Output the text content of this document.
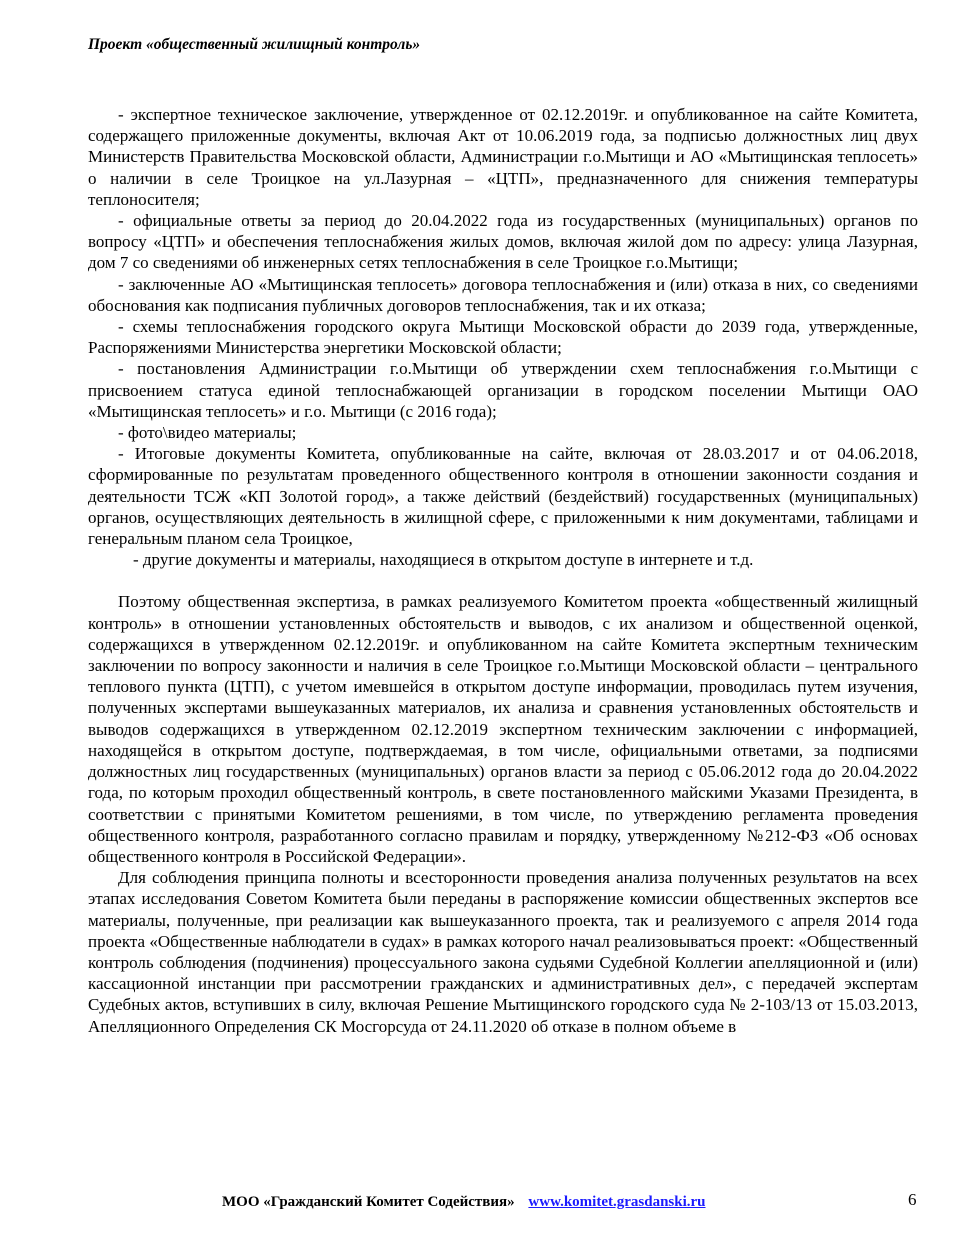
Проект «общественный жилищный контроль»

- экспертное техническое заключение, утвержденное от 02.12.2019г. и опубликованное на сайте Комитета, содержащего приложенные документы, включая Акт от 10.06.2019 года, за подписью должностных лиц двух Министерств Правительства Московской области, Администрации г.о.Мытищи и АО «Мытищинская теплосеть» о наличии в селе Троицкое на ул.Лазурная – «ЦТП», предназначенного для снижения температуры теплоносителя;

- официальные ответы за период до 20.04.2022 года из государственных (муниципальных) органов по вопросу «ЦТП» и обеспечения теплоснабжения жилых домов, включая жилой дом по адресу: улица Лазурная, дом 7 со сведениями об инженерных сетях теплоснабжения в селе Троицкое г.о.Мытищи;

- заключенные АО «Мытищинская теплосеть» договора теплоснабжения и (или) отказа в них, со сведениями обоснования как подписания публичных договоров теплоснабжения, так и их отказа;

- схемы теплоснабжения городского округа Мытищи Московской обрасти до 2039 года, утвержденные, Распоряжениями Министерства энергетики Московской области;

- постановления Администрации г.о.Мытищи об утверждении схем теплоснабжения г.о.Мытищи с присвоением статуса единой теплоснабжающей организации в городском поселении Мытищи ОАО «Мытищинская теплосеть» и г.о. Мытищи (с 2016 года);

- фото\видео материалы;

- Итоговые документы Комитета, опубликованные на сайте, включая от 28.03.2017 и от 04.06.2018, сформированные по результатам проведенного общественного контроля в отношении законности создания и деятельности ТСЖ «КП Золотой город», а также действий (бездействий) государственных (муниципальных) органов, осуществляющих деятельность в жилищной сфере, с приложенными к ним документами, таблицами и генеральным планом села Троицкое,

- другие документы и материалы, находящиеся в открытом доступе в интернете и т.д.

Поэтому общественная экспертиза, в рамках реализуемого Комитетом проекта «общественный жилищный контроль» в отношении установленных обстоятельств и выводов, с их анализом и общественной оценкой, содержащихся в утвержденном 02.12.2019г. и опубликованном на сайте Комитета экспертным техническим заключении по вопросу законности и наличия в селе Троицкое г.о.Мытищи Московской области – центрального теплового пункта (ЦТП), с учетом имевшейся в открытом доступе информации, проводилась путем изучения, полученных экспертами вышеуказанных материалов, их анализа и сравнения установленных обстоятельств и выводов содержащихся в утвержденном 02.12.2019 экспертном техническим заключении с информацией, находящейся в открытом доступе, подтверждаемая, в том числе, официальными ответами, за подписями должностных лиц государственных (муниципальных) органов власти за период с 05.06.2012 года до 20.04.2022 года, по которым проходил общественный контроль, в свете постановленного майскими Указами Президента, в соответствии с принятыми Комитетом решениями, в том числе, по утверждению регламента проведения общественного контроля, разработанного согласно правилам и порядку, утвержденному №212-ФЗ «Об основах общественного контроля в Российской Федерации».

Для соблюдения принципа полноты и всесторонности проведения анализа полученных результатов на всех этапах исследования Советом Комитета были переданы в распоряжение комиссии общественных экспертов все материалы, полученные, при реализации как вышеуказанного проекта, так и реализуемого с апреля 2014 года проекта «Общественные наблюдатели в судах» в рамках которого начал реализовываться проект: «Общественный контроль соблюдения (подчинения) процессуального закона судьями Судебной Коллегии апелляционной и (или) кассационной инстанции при рассмотрении гражданских и административных дел», с передачей экспертам Судебных актов, вступивших в силу, включая Решение Мытищинского городского суда № 2-103/13 от 15.03.2013, Апелляционного Определения СК Мосгорсуда от 24.11.2020 об отказе в полном объеме в

МОО «Гражданский Комитет Содействия» www.komitet.grasdanski.ru	6
